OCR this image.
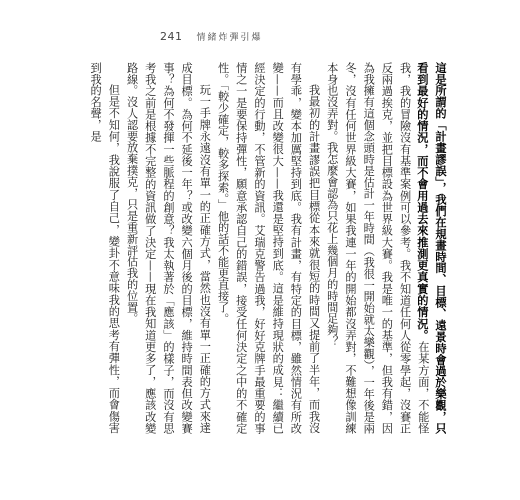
241 情緒炸彈引爆

這是所謂的「計畫謬誤」，我們在規畫時間、目標、遠景時會過於樂觀，只看到最好的情況，而不會用過去來推測更真實的情況。在某方面，不能怪我，我的冒險沒有基準案例可以參考。我不知道任何人從零學起，沒賽正反兩過挨克，並把目標設為世界級大賽。我是唯一的基準，但我有錯，因為我擁有這個念頭時是估計一年時間（我很一開始就太樂觀），一年後是兩冬，沒有任何世界級大賽，如果我連一年的開始都沒弄對，不難想像訓練本身也沒弄對。我怎麼會認為只花上幾個月的時間足夠？

我最初的計畫謬誤把目標從本來就很短的時間又提前了半年，而我沒有學乖，變本加厲堅持到底。我有計畫，有特定的目標，雖然情況有所改變——而且改變很大——我還是堅持到底。這是維持現狀的成見：繼續已經決定的行動，不管新的資訊。艾瑞克警告過我，好好克牌手最重要的事情之一是要保持彈性，願意承認自己的錯誤，接受任何決定之中的不確定性。「較少確定，較多探索。」他的話不能更直接了。

玩一手牌永遠沒有單一的正確方式，當然也沒有單一正確的方式來達成目標。為何不延後一年？或改變六個月後的目標，維持時間表但改變賽事？為何不發揮一些脈程的創意？我太執著於「應該」的樣子，而沒有思考我之前是根據不完整的資訊做了決定——現在我知道更多了，應該改變路線。沒人認要放棄撲克，只是重新評估我的位置。

但是不知何，我說服了自己，變卦不意味我的思考有彈性，而會傷害到我的名聲，是
